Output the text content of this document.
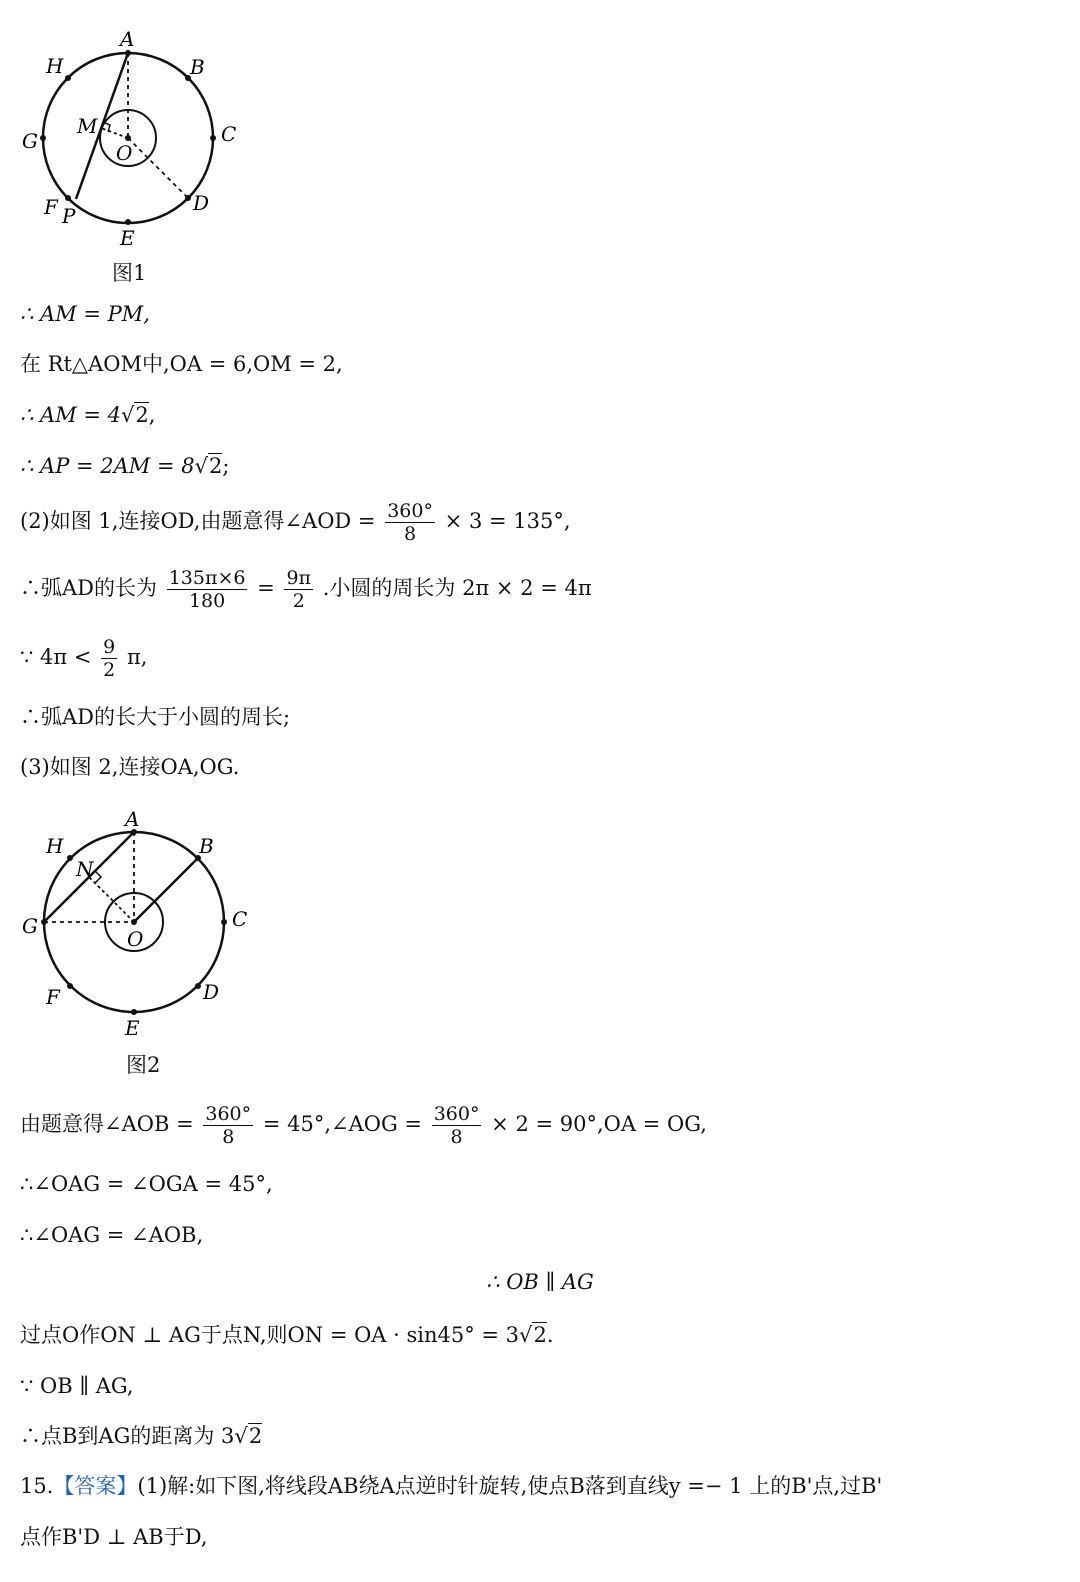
A
B
C
D
E
F P
G
H
M
O
图1
∴ AM = PM,
在 Rt△AOM中,OA = 6,OM = 2,
∴ AM = 4√2,
∴ AP = 2AM = 8√2;
(2)如图 1,连接OD,由题意得∠AOD = $\frac{360^\circ}{8} \times 3 = 135^\circ$,
∴弧AD的长为 $\frac{135\pi\times 6}{180} = \frac{9\pi}{2}$ .小圆的周长为 2π × 2 = 4π
∵ $4\pi < \frac{9}{2} \pi$,
∴弧AD的长大于小圆的周长;
(3)如图 2,连接OA,OG.
A
B
C
D
E
F
G
H
N
O
图2
由题意得∠AOB = $\frac{360^\circ}{8}$ = 45°,∠AOG = $\frac{360^\circ}{8} \times 2 = 90^\circ,OA$ = OG,
∴∠OAG = ∠OGA = 45°,
∴∠OAG = ∠AOB,
∴ OB ∥ AG
过点O作ON ⊥ AG于点N,则ON = OA · sin45° = 3√2.
∵ OB ∥ AG,
∴点B到AG的距离为 3√2
15.【答案】(1)解:如下图,将线段AB绕A点逆时针旋转,使点B落到直线y =− 1 上的B'点,过B'
点作B'D ⊥ AB于D,
